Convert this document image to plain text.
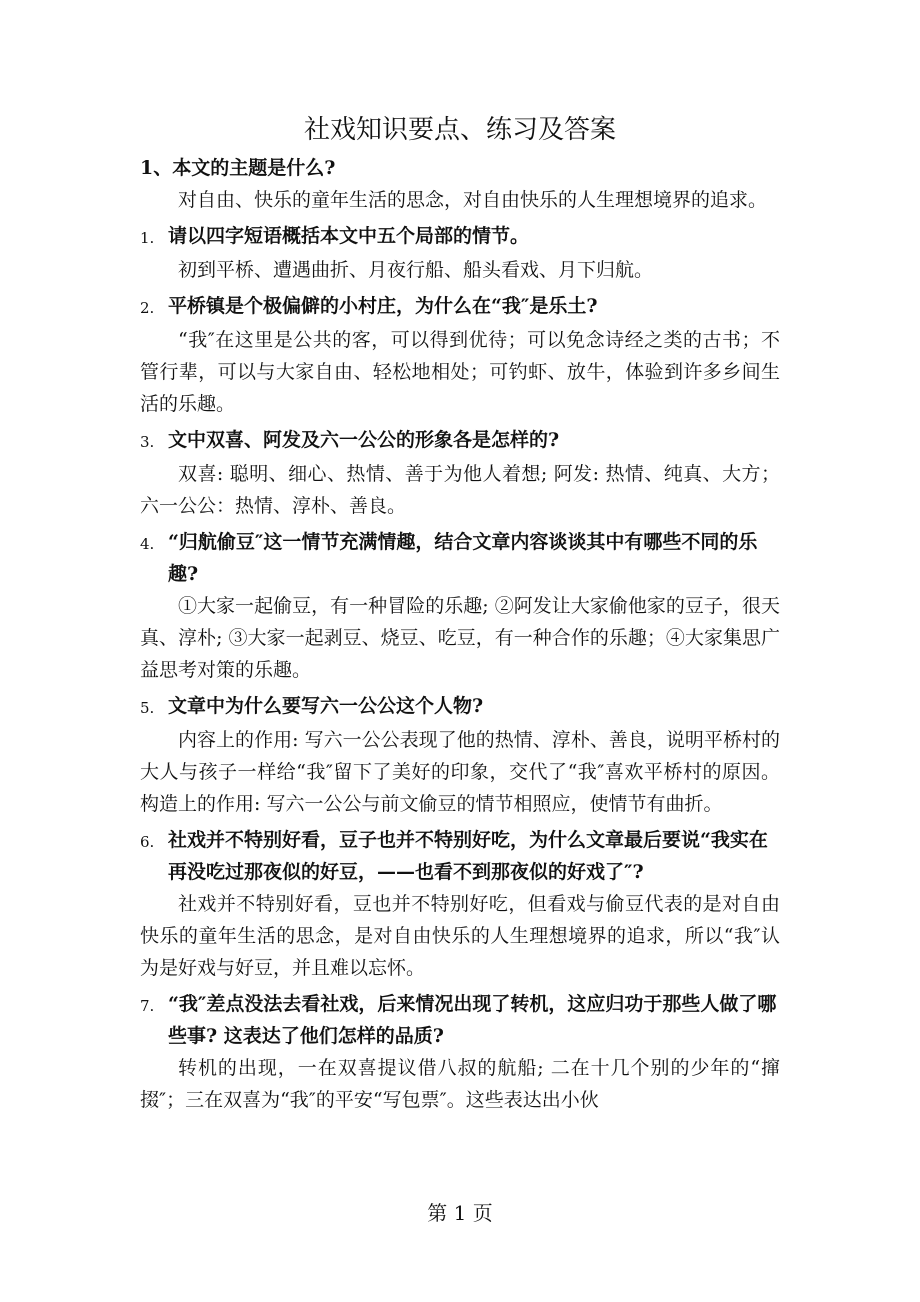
社戏知识要点、练习及答案

1、 本文的主题是什么?

对自由、快乐的童年生活的思念，对自由快乐的人生理想境界的追求。

1. 请以四字短语概括本文中五个局部的情节。

初到平桥、遭遇曲折、月夜行船、船头看戏、月下归航。

2. 平桥镇是个极偏僻的小村庄，为什么在“我″是乐土?

“我″在这里是公共的客，可以得到优待；可以免念诗经之类的古书；不管行辈，可以与大家自由、轻松地相处；可钓虾、放牛，体验到许多乡间生活的乐趣。

3. 文中双喜、阿发及六一公公的形象各是怎样的?

双喜: 聪明、细心、热情、善于为他人着想; 阿发: 热情、纯真、大方；六一公公：热情、淳朴、善良。

4. “归航偷豆″这一情节充满情趣，结合文章内容谈谈其中有哪些不同的乐趣?

①大家一起偷豆，有一种冒险的乐趣; ②阿发让大家偷他家的豆子，很天真、淳朴; ③大家一起剥豆、烧豆、吃豆，有一种合作的乐趣；④大家集思广益思考对策的乐趣。

5. 文章中为什么要写六一公公这个人物?

内容上的作用: 写六一公公表现了他的热情、淳朴、善良，说明平桥村的大人与孩子一样给“我″留下了美好的印象，交代了“我″喜欢平桥村的原因。构造上的作用: 写六一公公与前文偷豆的情节相照应，使情节有曲折。

6. 社戏并不特别好看，豆子也并不特别好吃，为什么文章最后要说“我实在再没吃过那夜似的好豆，——也看不到那夜似的好戏了″?

社戏并不特别好看，豆也并不特别好吃，但看戏与偷豆代表的是对自由快乐的童年生活的思念，是对自由快乐的人生理想境界的追求，所以“我″认为是好戏与好豆，并且难以忘怀。

7. “我″差点没法去看社戏，后来情况出现了转机，这应归功于那些人做了哪些事? 这表达了他们怎样的品质?

转机的出现，一在双喜提议借八叔的航船; 二在十几个别的少年的“撺掇″；三在双喜为“我″的平安“写包票″。这些表达出小伙

第 1 页
